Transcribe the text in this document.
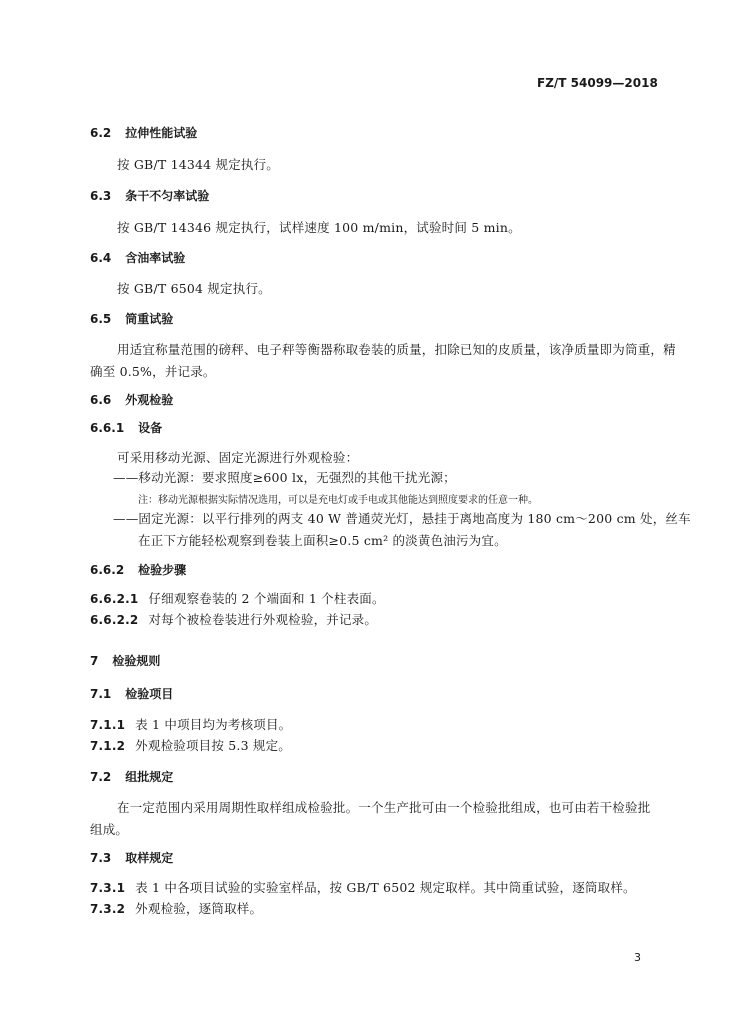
FZ/T 54099—2018
6.2 拉伸性能试验
按 GB/T 14344 规定执行。
6.3 条干不匀率试验
按 GB/T 14346 规定执行，试样速度 100 m/min，试验时间 5 min。
6.4 含油率试验
按 GB/T 6504 规定执行。
6.5 筒重试验
用适宜称量范围的磅秤、电子秤等衡器称取卷装的质量，扣除已知的皮质量，该净质量即为筒重，精
确至 0.5%，并记录。
6.6 外观检验
6.6.1 设备
可采用移动光源、固定光源进行外观检验：
——移动光源：要求照度≥600 lx，无强烈的其他干扰光源；
注：移动光源根据实际情况选用，可以是充电灯或手电或其他能达到照度要求的任意一种。
——固定光源：以平行排列的两支 40 W 普通荧光灯，悬挂于离地高度为 180 cm～200 cm 处，丝车
在正下方能轻松观察到卷装上面积≥0.5 cm² 的淡黄色油污为宜。
6.6.2 检验步骤
6.6.2.1 仔细观察卷装的 2 个端面和 1 个柱表面。
6.6.2.2 对每个被检卷装进行外观检验，并记录。
7 检验规则
7.1 检验项目
7.1.1 表 1 中项目均为考核项目。
7.1.2 外观检验项目按 5.3 规定。
7.2 组批规定
在一定范围内采用周期性取样组成检验批。一个生产批可由一个检验批组成，也可由若干检验批
组成。
7.3 取样规定
7.3.1 表 1 中各项目试验的实验室样品，按 GB/T 6502 规定取样。其中筒重试验，逐筒取样。
7.3.2 外观检验，逐筒取样。
3
